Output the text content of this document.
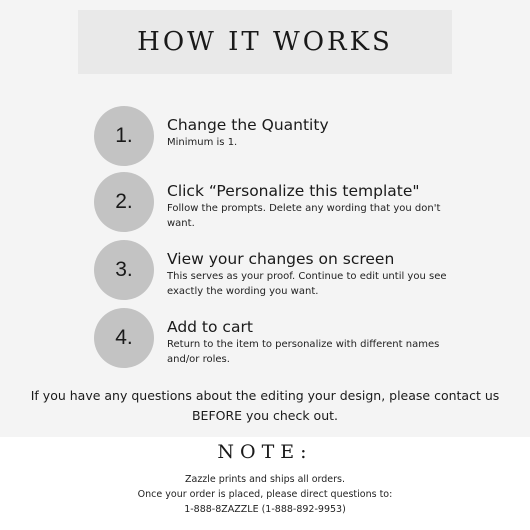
HOW IT WORKS
1.	Change the Quantity
Minimum is 1.
2.	Click “Personalize this template"
Follow the prompts. Delete any wording that you don't want.
3.	View your changes on screen
This serves as your proof. Continue to edit until you see exactly the wording you want.
4.	Add to cart
Return to the item to personalize with different names and/or roles.
If you have any questions about the editing your design, please contact us BEFORE you check out.
NOTE:
Zazzle prints and ships all orders.
Once your order is placed, please direct questions to:
1-888-8ZAZZLE (1-888-892-9953)
